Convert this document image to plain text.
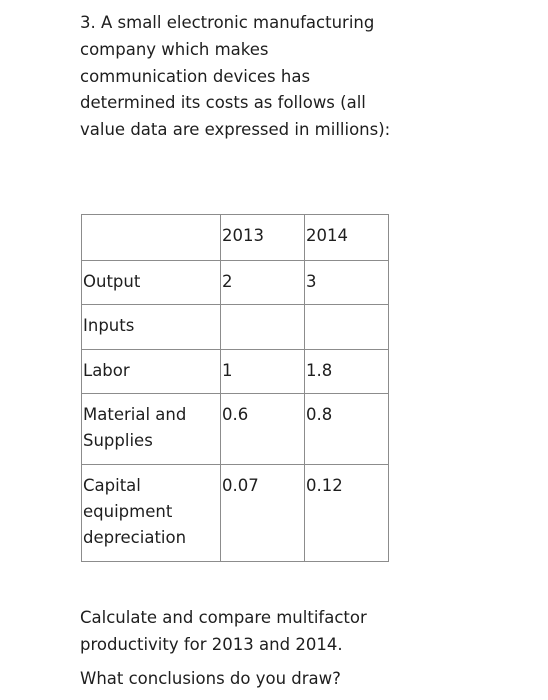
3. A small electronic manufacturing company which makes communication devices has determined its costs as follows (all value data are expressed in millions):

	2013	2014
Output	2	3
Inputs		
Labor	1	1.8
Material and Supplies	0.6	0.8
Capital equipment depreciation	0.07	0.12

Calculate and compare multifactor productivity for 2013 and 2014.

What conclusions do you draw?
